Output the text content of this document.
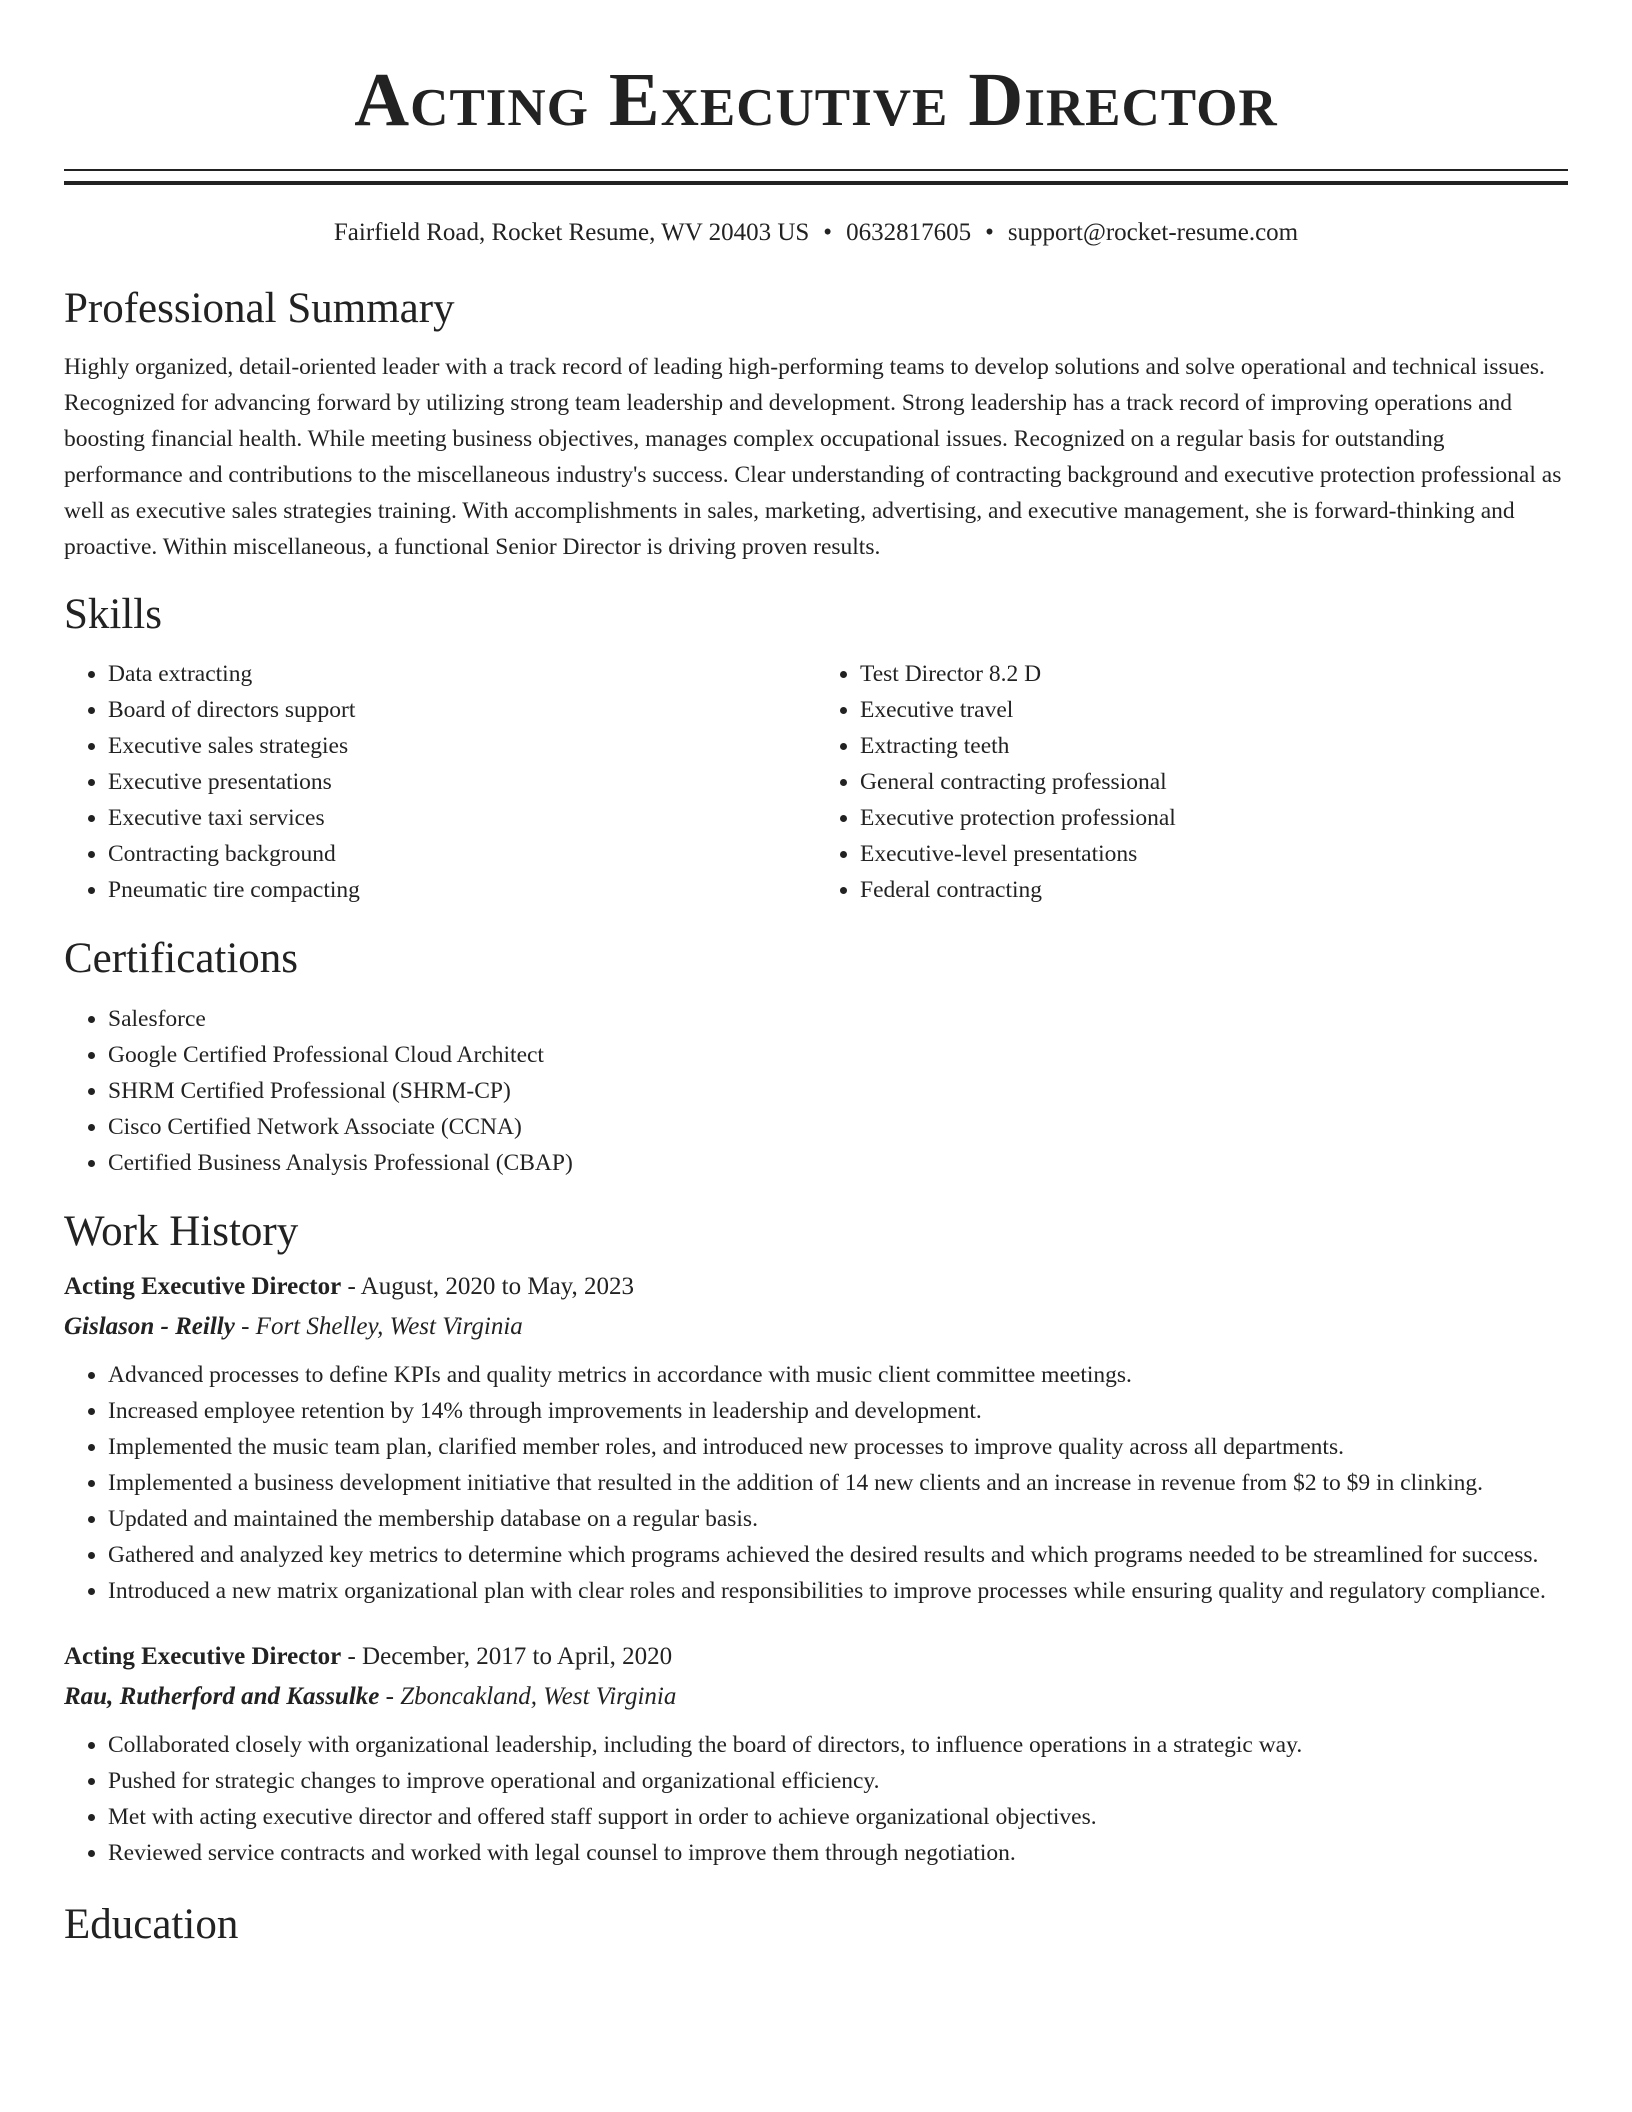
Acting Executive Director
Fairfield Road, Rocket Resume, WV 20403 US • 0632817605 • support@rocket-resume.com
Professional Summary

Highly organized, detail-oriented leader with a track record of leading high-performing teams to develop solutions and solve operational and technical issues. Recognized for advancing forward by utilizing strong team leadership and development. Strong leadership has a track record of improving operations and boosting financial health. While meeting business objectives, manages complex occupational issues. Recognized on a regular basis for outstanding performance and contributions to the miscellaneous industry's success. Clear understanding of contracting background and executive protection professional as well as executive sales strategies training. With accomplishments in sales, marketing, advertising, and executive management, she is forward-thinking and proactive. Within miscellaneous, a functional Senior Director is driving proven results.

Skills
• Data extracting
• Board of directors support
• Executive sales strategies
• Executive presentations
• Executive taxi services
• Contracting background
• Pneumatic tire compacting
• Test Director 8.2 D
• Executive travel
• Extracting teeth
• General contracting professional
• Executive protection professional
• Executive-level presentations
• Federal contracting
Certifications
• Salesforce
• Google Certified Professional Cloud Architect
• SHRM Certified Professional (SHRM-CP)
• Cisco Certified Network Associate (CCNA)
• Certified Business Analysis Professional (CBAP)
Work History
Acting Executive Director - August, 2020 to May, 2023
Gislason - Reilly - Fort Shelley, West Virginia
• Advanced processes to define KPIs and quality metrics in accordance with music client committee meetings.
• Increased employee retention by 14% through improvements in leadership and development.
• Implemented the music team plan, clarified member roles, and introduced new processes to improve quality across all departments.
• Implemented a business development initiative that resulted in the addition of 14 new clients and an increase in revenue from $2 to $9 in clinking.
• Updated and maintained the membership database on a regular basis.
• Gathered and analyzed key metrics to determine which programs achieved the desired results and which programs needed to be streamlined for success.
• Introduced a new matrix organizational plan with clear roles and responsibilities to improve processes while ensuring quality and regulatory compliance.
Acting Executive Director - December, 2017 to April, 2020
Rau, Rutherford and Kassulke - Zboncakland, West Virginia
• Collaborated closely with organizational leadership, including the board of directors, to influence operations in a strategic way.
• Pushed for strategic changes to improve operational and organizational efficiency.
• Met with acting executive director and offered staff support in order to achieve organizational objectives.
• Reviewed service contracts and worked with legal counsel to improve them through negotiation.
Education
